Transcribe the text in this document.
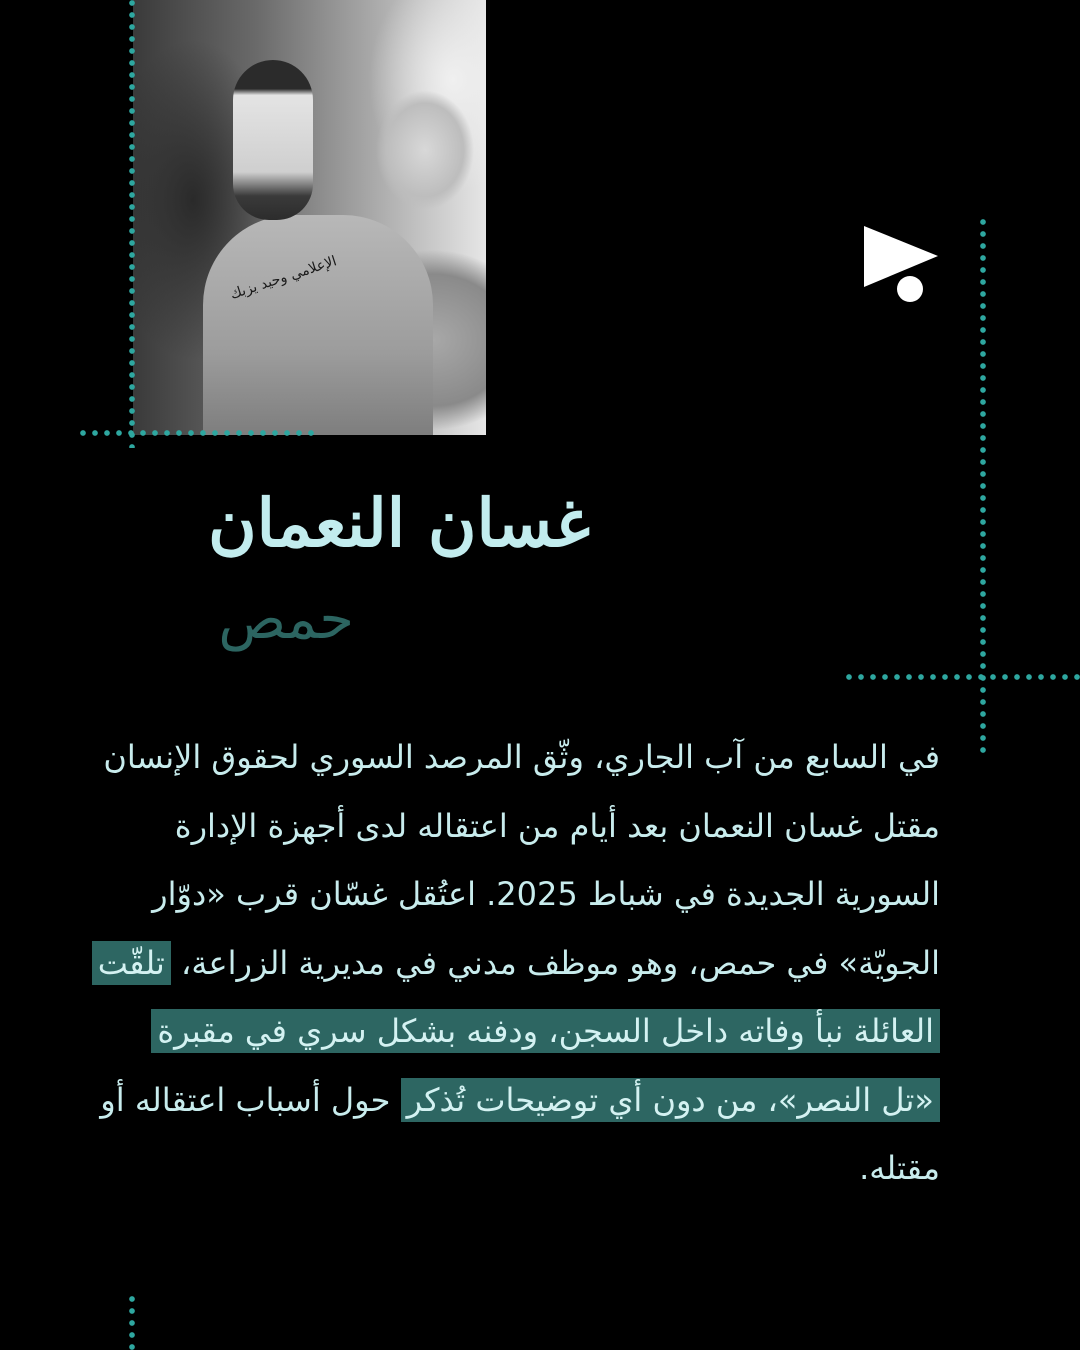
الإعلامي وحيد يزبك
غسان النعمان
حمص
في السابع من آب الجاري، وثّق المرصد السوري لحقوق الإنسان مقتل غسان النعمان بعد أيام من اعتقاله لدى أجهزة الإدارة السورية الجديدة في شباط 2025. اعتُقل غسّان قرب «دوّار الجويّة» في حمص، وهو موظف مدني في مديرية الزراعة، تلقّت العائلة نبأ وفاته داخل السجن، ودفنه بشكل سري في مقبرة «تل النصر»، من دون أي توضيحات تُذكر حول أسباب اعتقاله أو مقتله.
